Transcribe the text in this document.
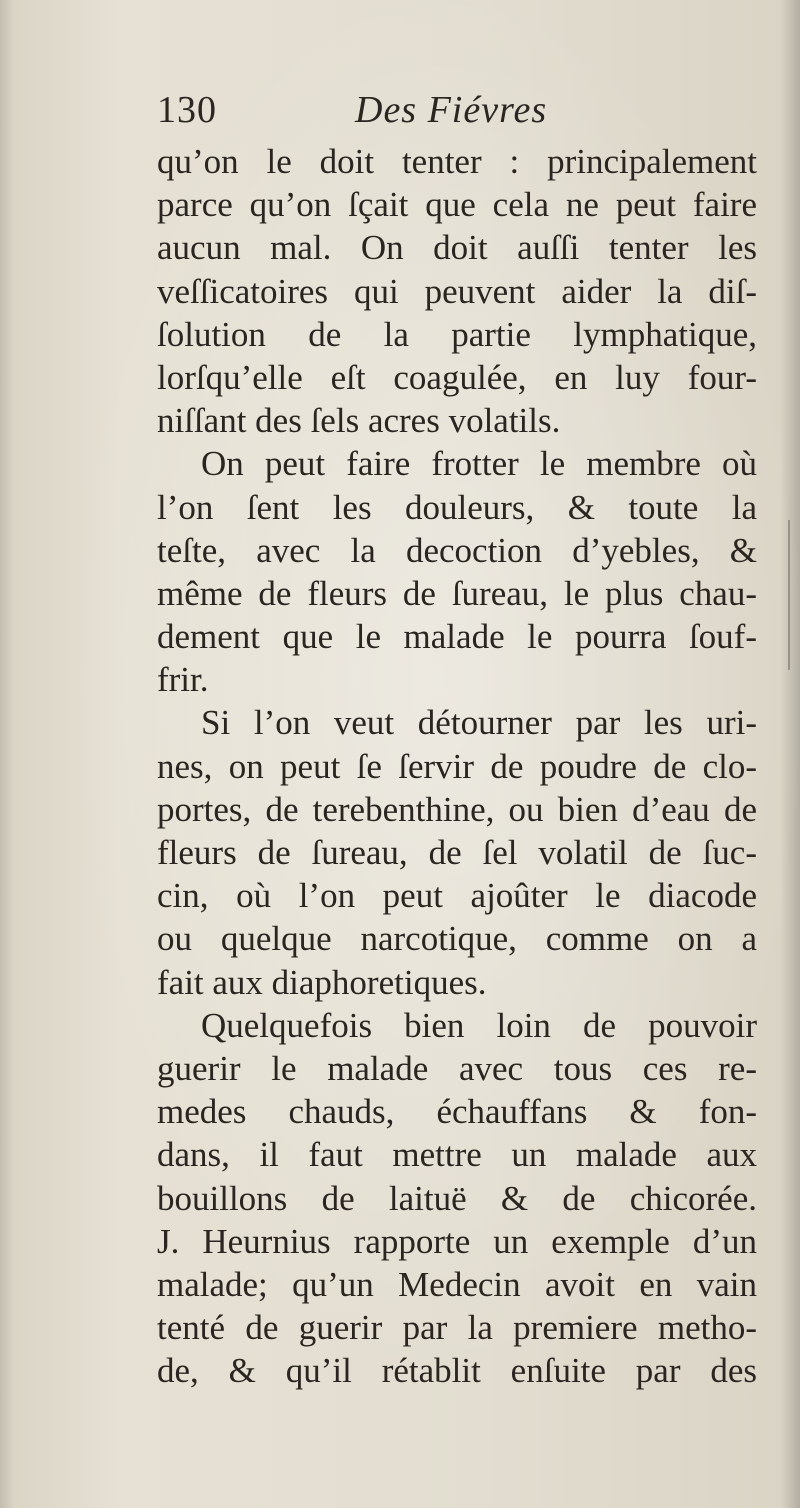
130	Des Fiévres
qu’on le doit tenter : principalement
parce qu’on ſçait que cela ne peut faire
aucun mal. On doit auſſi tenter les
veſſicatoires qui peuvent aider la diſ-
ſolution de la partie lymphatique,
lorſqu’elle eſt coagulée, en luy four-
niſſant des ſels acres volatils.
On peut faire frotter le membre où
l’on ſent les douleurs, & toute la
teſte, avec la decoction d’yebles, &
même de fleurs de ſureau, le plus chau-
dement que le malade le pourra ſouf-
frir.
Si l’on veut détourner par les uri-
nes, on peut ſe ſervir de poudre de clo-
portes, de terebenthine, ou bien d’eau de
fleurs de ſureau, de ſel volatil de ſuc-
cin, où l’on peut ajoûter le diacode
ou quelque narcotique, comme on a
fait aux diaphoretiques.
Quelquefois bien loin de pouvoir
guerir le malade avec tous ces re-
medes chauds, échauffans & fon-
dans, il faut mettre un malade aux
bouillons de laituë & de chicorée.
J. Heurnius rapporte un exemple d’un
malade; qu’un Medecin avoit en vain
tenté de guerir par la premiere metho-
de, & qu’il rétablit enſuite par des
